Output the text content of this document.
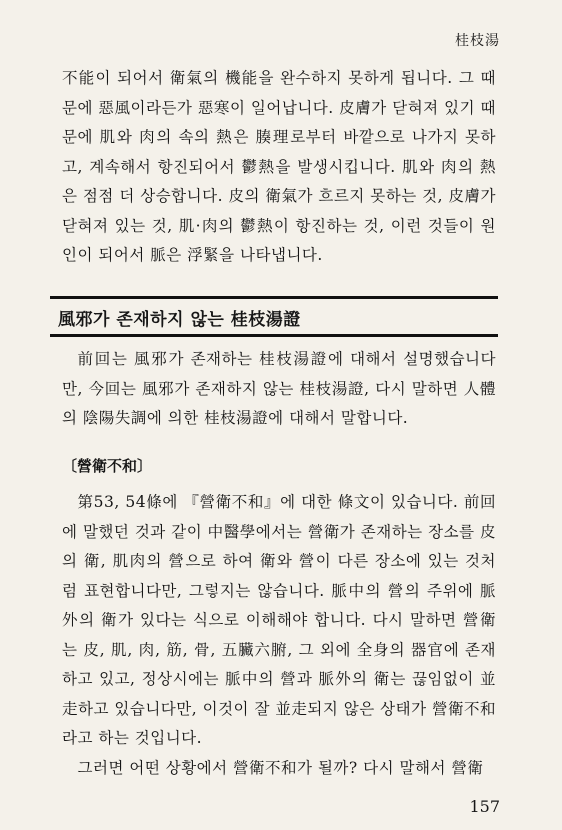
桂枝湯

不能이 되어서 衛氣의 機能을 완수하지 못하게 됩니다. 그 때문에 惡風이라든가 惡寒이 일어납니다. 皮膚가 닫혀져 있기 때문에 肌와 肉의 속의 熱은 腠理로부터 바깥으로 나가지 못하고, 계속해서 항진되어서 鬱熱을 발생시킵니다. 肌와 肉의 熱은 점점 더 상승합니다. 皮의 衛氣가 흐르지 못하는 것, 皮膚가 닫혀져 있는 것, 肌·肉의 鬱熱이 항진하는 것, 이런 것들이 원인이 되어서 脈은 浮緊을 나타냅니다.

風邪가 존재하지 않는 桂枝湯證

前回는 風邪가 존재하는 桂枝湯證에 대해서 설명했습니다만, 今回는 風邪가 존재하지 않는 桂枝湯證, 다시 말하면 人體의 陰陽失調에 의한 桂枝湯證에 대해서 말합니다.

〔營衛不和〕

第53, 54條에 『營衛不和』에 대한 條文이 있습니다. 前回에 말했던 것과 같이 中醫學에서는 營衛가 존재하는 장소를 皮의 衛, 肌肉의 營으로 하여 衛와 營이 다른 장소에 있는 것처럼 표현합니다만, 그렇지는 않습니다. 脈中의 營의 주위에 脈外의 衛가 있다는 식으로 이해해야 합니다. 다시 말하면 營衛는 皮, 肌, 肉, 筋, 骨, 五臟六腑, 그 외에 全身의 器官에 존재하고 있고, 정상시에는 脈中의 營과 脈外의 衛는 끊임없이 並走하고 있습니다만, 이것이 잘 並走되지 않은 상태가 營衛不和라고 하는 것입니다.

그러면 어떤 상황에서 營衛不和가 될까? 다시 말해서 營衛

157
